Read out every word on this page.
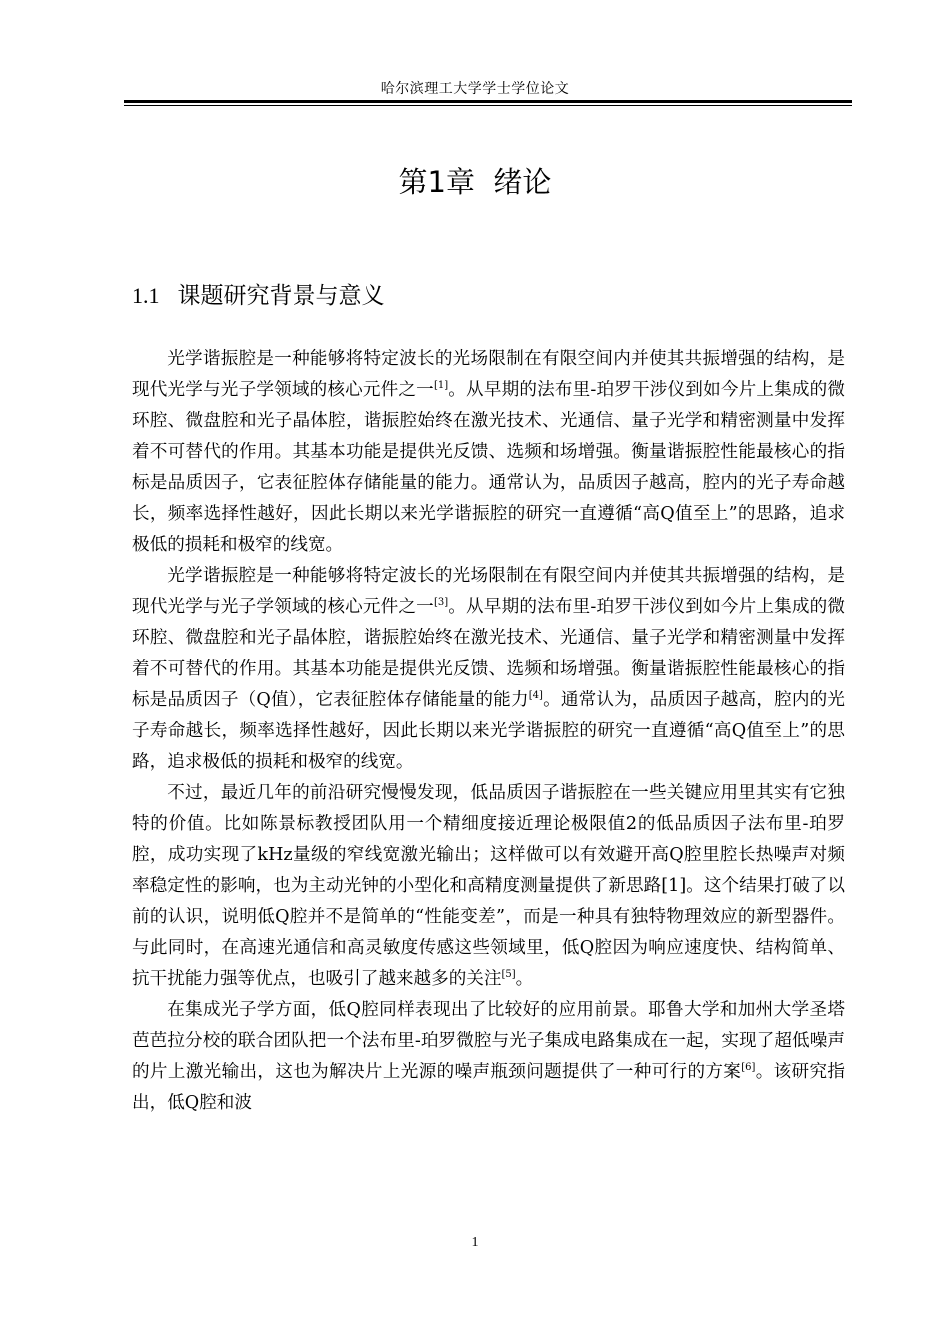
哈尔滨理工大学学士学位论文
第1章  绪论
1.1 课题研究背景与意义

光学谐振腔是一种能够将特定波长的光场限制在有限空间内并使其共振增强的结构，是现代光学与光子学领域的核心元件之一[1]。从早期的法布里-珀罗干涉仪到如今片上集成的微环腔、微盘腔和光子晶体腔，谐振腔始终在激光技术、光通信、量子光学和精密测量中发挥着不可替代的作用。其基本功能是提供光反馈、选频和场增强。衡量谐振腔性能最核心的指标是品质因子，它表征腔体存储能量的能力。通常认为，品质因子越高，腔内的光子寿命越长，频率选择性越好，因此长期以来光学谐振腔的研究一直遵循“高Q值至上”的思路，追求极低的损耗和极窄的线宽。

光学谐振腔是一种能够将特定波长的光场限制在有限空间内并使其共振增强的结构，是现代光学与光子学领域的核心元件之一[3]。从早期的法布里-珀罗干涉仪到如今片上集成的微环腔、微盘腔和光子晶体腔，谐振腔始终在激光技术、光通信、量子光学和精密测量中发挥着不可替代的作用。其基本功能是提供光反馈、选频和场增强。衡量谐振腔性能最核心的指标是品质因子（Q值），它表征腔体存储能量的能力[4]。通常认为，品质因子越高，腔内的光子寿命越长，频率选择性越好，因此长期以来光学谐振腔的研究一直遵循“高Q值至上”的思路，追求极低的损耗和极窄的线宽。

不过，最近几年的前沿研究慢慢发现，低品质因子谐振腔在一些关键应用里其实有它独特的价值。比如陈景标教授团队用一个精细度接近理论极限值2的低品质因子法布里-珀罗腔，成功实现了kHz量级的窄线宽激光输出；这样做可以有效避开高Q腔里腔长热噪声对频率稳定性的影响，也为主动光钟的小型化和高精度测量提供了新思路[1]。这个结果打破了以前的认识，说明低Q腔并不是简单的“性能变差”，而是一种具有独特物理效应的新型器件。与此同时，在高速光通信和高灵敏度传感这些领域里，低Q腔因为响应速度快、结构简单、抗干扰能力强等优点，也吸引了越来越多的关注[5]。

在集成光子学方面，低Q腔同样表现出了比较好的应用前景。耶鲁大学和加州大学圣塔芭芭拉分校的联合团队把一个法布里-珀罗微腔与光子集成电路集成在一起，实现了超低噪声的片上激光输出，这也为解决片上光源的噪声瓶颈问题提供了一种可行的方案[6]。该研究指出，低Q腔和波

1
